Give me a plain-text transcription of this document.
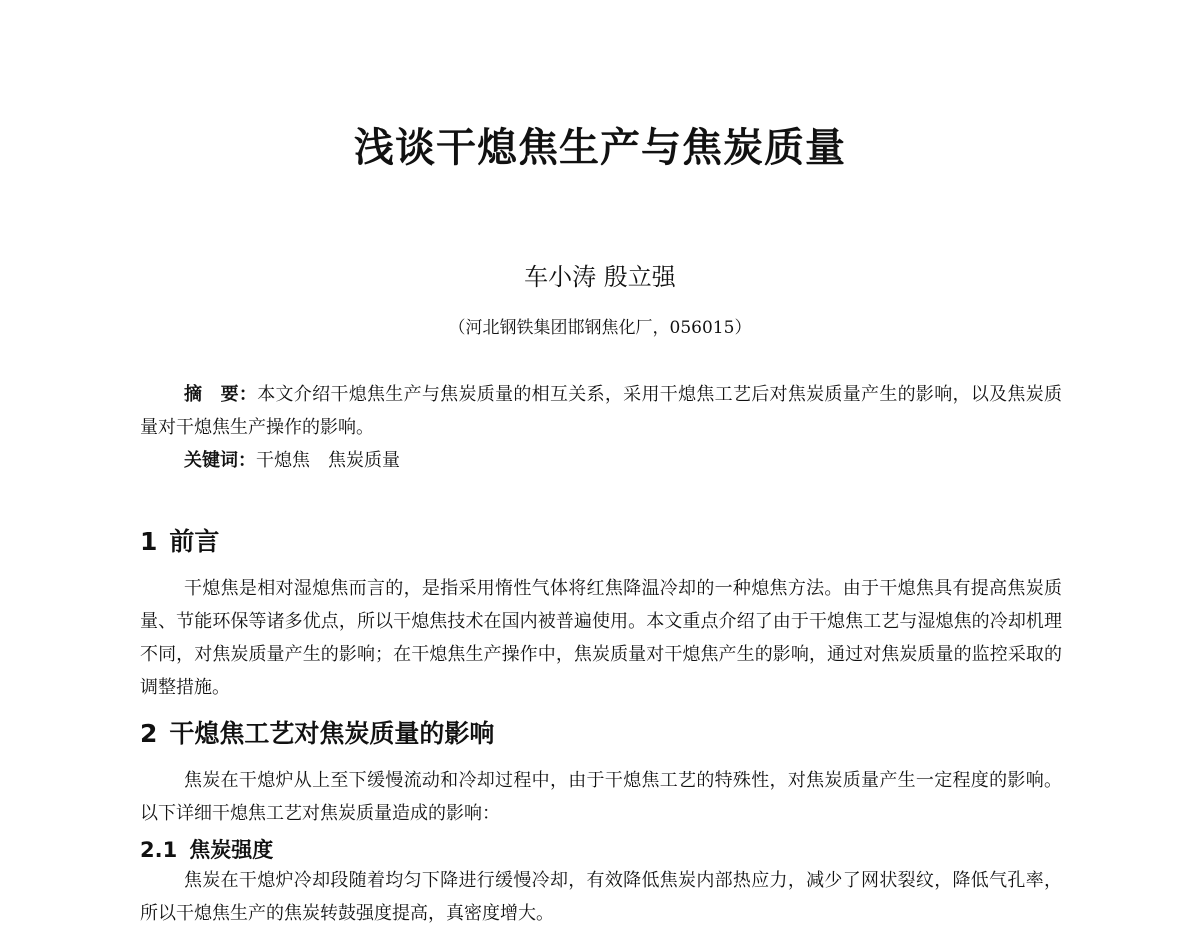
浅谈干熄焦生产与焦炭质量
车小涛 殷立强
（河北钢铁集团邯钢焦化厂，056015）
摘　要：本文介绍干熄焦生产与焦炭质量的相互关系，采用干熄焦工艺后对焦炭质量产生的影响，以及焦炭质量对干熄焦生产操作的影响。
关键词：干熄焦　焦炭质量
1 前言
干熄焦是相对湿熄焦而言的，是指采用惰性气体将红焦降温冷却的一种熄焦方法。由于干熄焦具有提高焦炭质量、节能环保等诸多优点，所以干熄焦技术在国内被普遍使用。本文重点介绍了由于干熄焦工艺与湿熄焦的冷却机理不同，对焦炭质量产生的影响；在干熄焦生产操作中，焦炭质量对干熄焦产生的影响，通过对焦炭质量的监控采取的调整措施。
2 干熄焦工艺对焦炭质量的影响
焦炭在干熄炉从上至下缓慢流动和冷却过程中，由于干熄焦工艺的特殊性，对焦炭质量产生一定程度的影响。以下详细干熄焦工艺对焦炭质量造成的影响：
2.1 焦炭强度
焦炭在干熄炉冷却段随着均匀下降进行缓慢冷却，有效降低焦炭内部热应力，减少了网状裂纹，降低气孔率，所以干熄焦生产的焦炭转鼓强度提高，真密度增大。
